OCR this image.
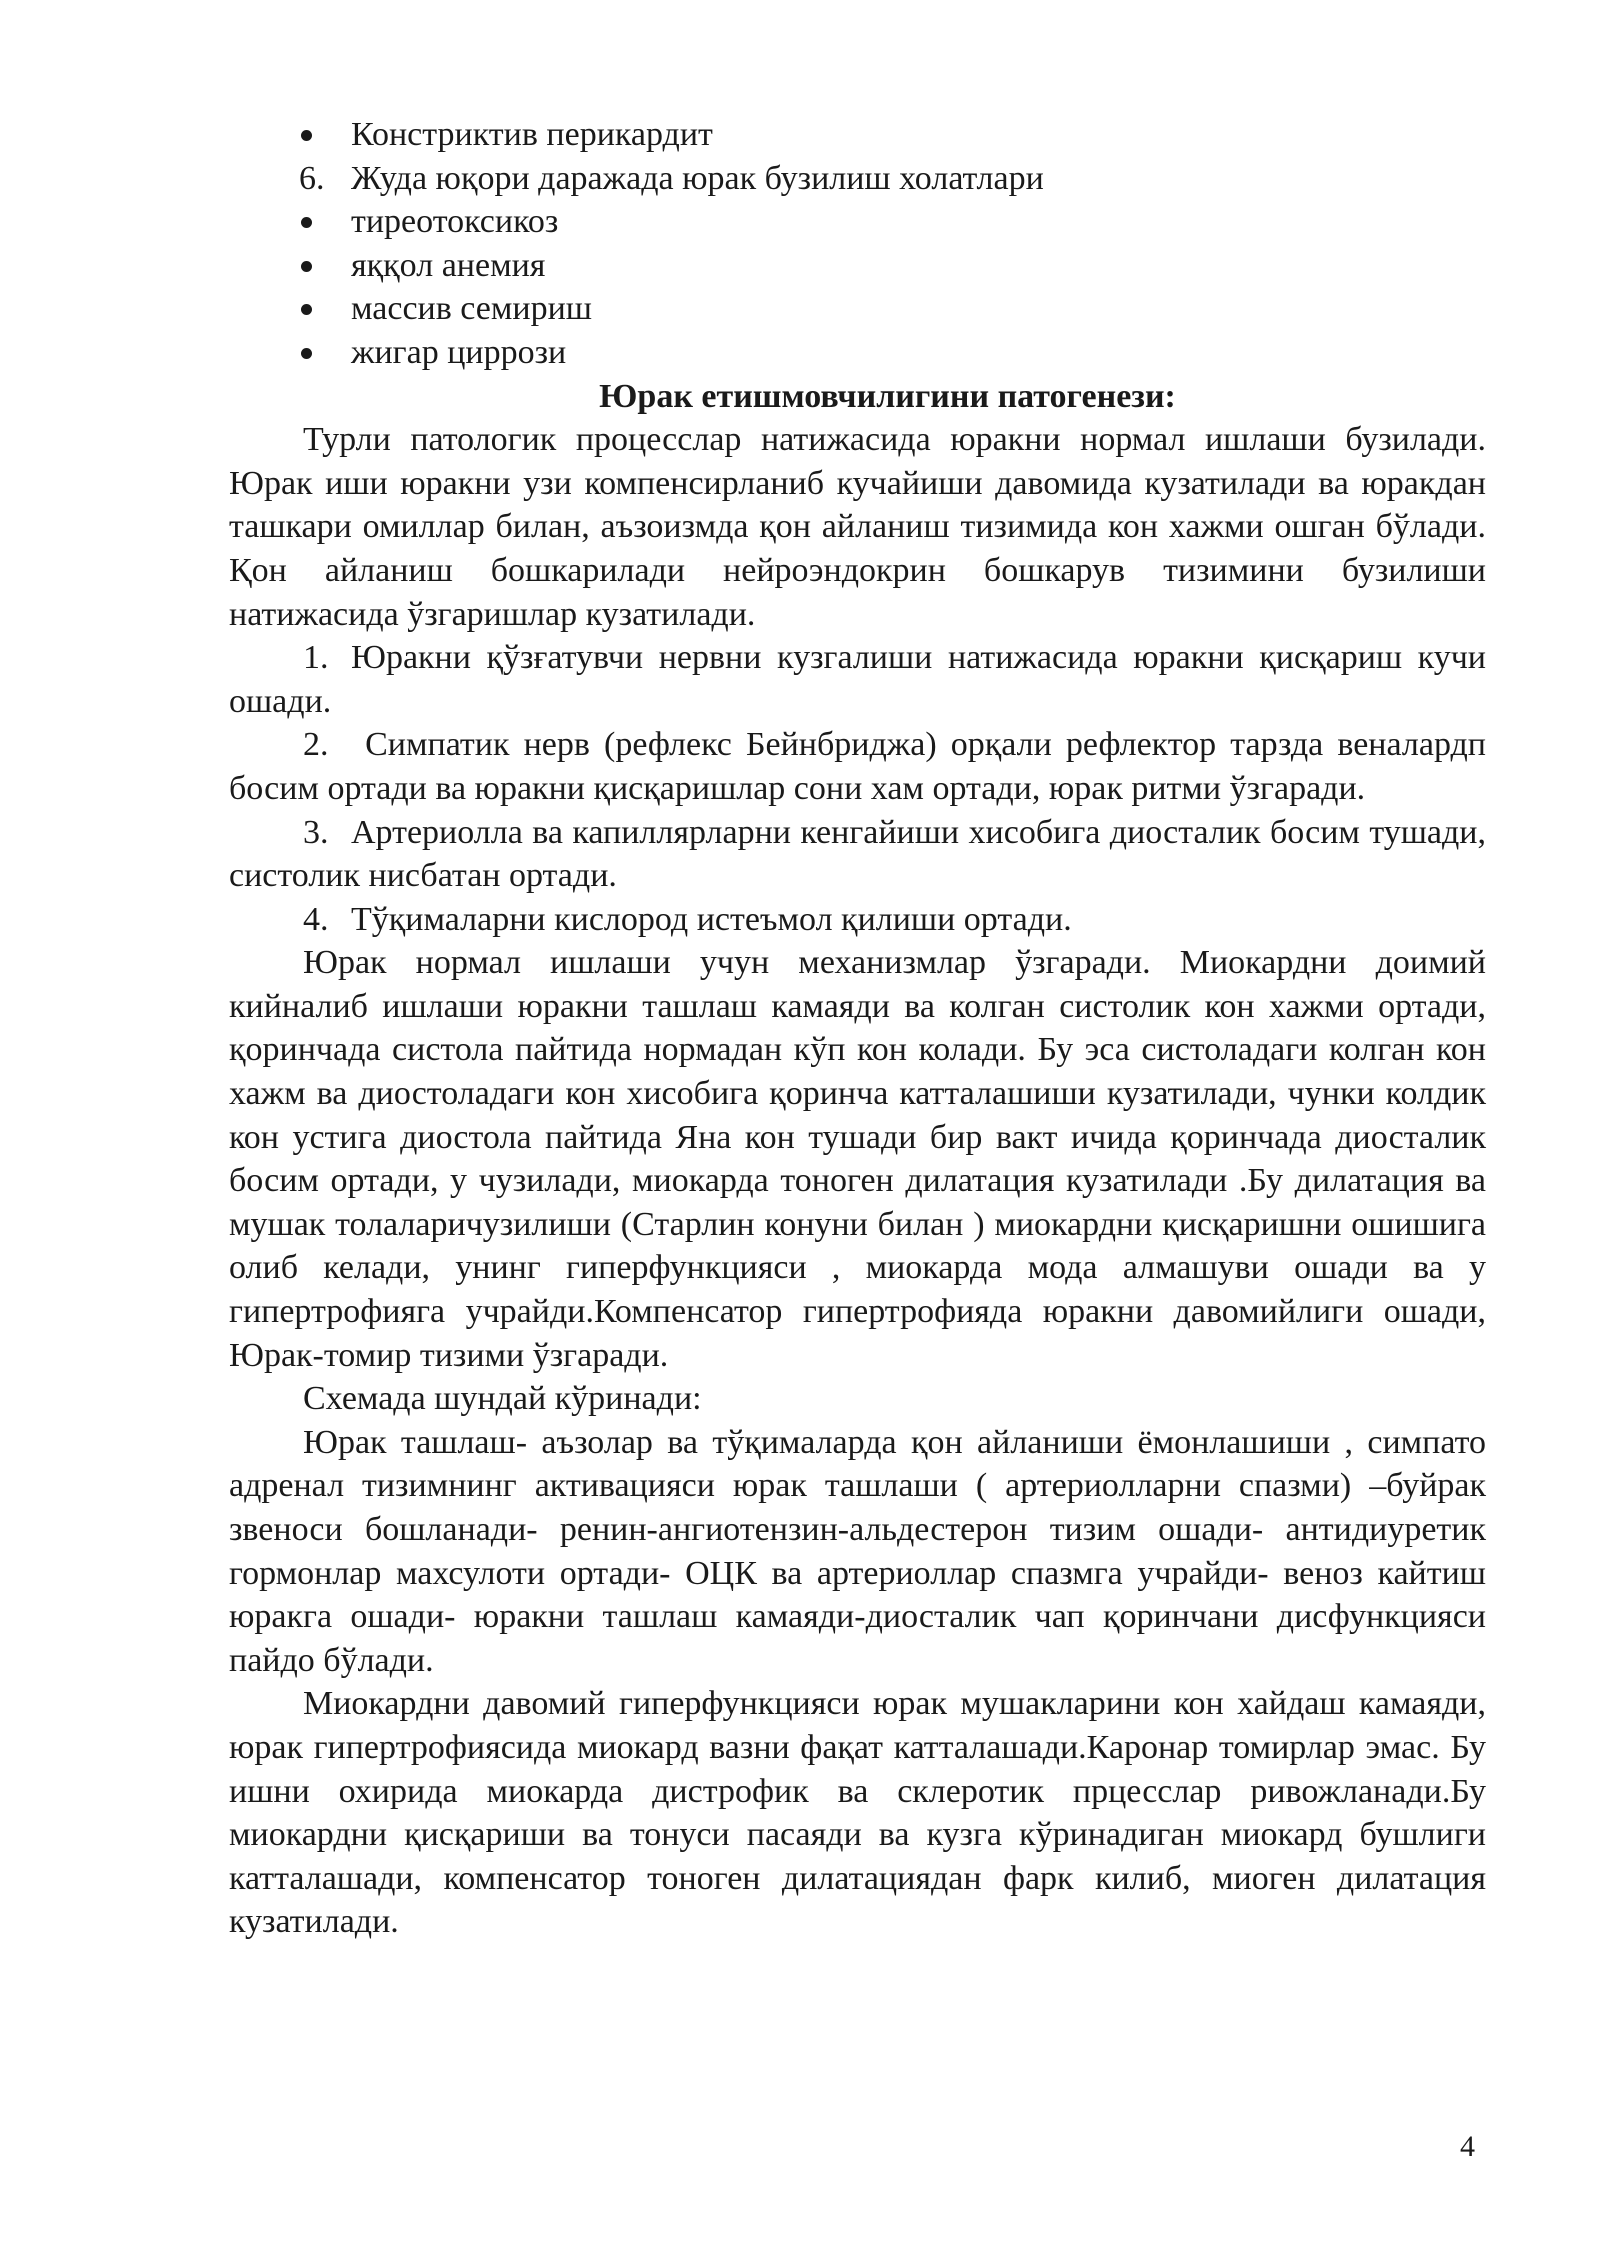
Констриктив перикардит
6. Жуда юқори даражада юрак бузилиш холатлари
тиреотоксикоз
яққол анемия
массив семириш
жигар циррози

Юрак етишмовчилигини патогенези:

Турли патологик процесслар натижасида юракни нормал ишлаши бузилади. Юрак иши юракни узи компенсирланиб кучайиши давомида кузатилади ва юракдан ташкари омиллар билан, аъзоизмда қон айланиш тизимида кон хажми ошган бўлади. Қон айланиш бошкарилади нейроэндокрин бошкарув тизимини бузилиши натижасида ўзгаришлар кузатилади.

1. Юракни қўзғатувчи нервни кузгалиши натижасида юракни қисқариш кучи ошади.

2. Симпатик нерв (рефлекс Бейнбриджа) орқали рефлектор тарзда веналардп босим ортади ва юракни қисқаришлар сони хам ортади, юрак ритми ўзгаради.

3. Артериолла ва капиллярларни кенгайиши хисобига диосталик босим тушади, систолик нисбатан ортади.

4. Тўқималарни кислород истеъмол қилиши ортади.

Юрак нормал ишлаши учун механизмлар ўзгаради. Миокардни доимий кийналиб ишлаши юракни ташлаш камаяди ва колган систолик кон хажми ортади, қоринчада систола пайтида нормадан кўп кон колади. Бу эса систоладаги колган кон хажм ва диостоладаги кон хисобига қоринча катталашиши кузатилади, чунки колдик кон устига диостола пайтида Яна кон тушади бир вакт ичида қоринчада диосталик босим ортади, у чузилади, миокарда тоноген дилатация кузатилади .Бу дилатация ва мушак толаларичузилиши (Старлин конуни билан ) миокардни қисқаришни ошишига олиб келади, унинг гиперфункцияси , миокарда мода алмашуви ошади ва у гипертрофияга учрайди.Компенсатор гипертрофияда юракни давомийлиги ошади, Юрак-томир тизими ўзгаради.

Схемада шундай кўринади:

Юрак ташлаш- аъзолар ва тўқималарда қон айланиши ёмонлашиши , симпато адренал тизимнинг активацияси юрак ташлаши ( артериолларни спазми) –буйрак звеноси бошланади- ренин-ангиотензин-альдестерон тизим ошади- антидиуретик гормонлар махсулоти ортади- ОЦК ва артериоллар спазмга учрайди- веноз кайтиш юракга ошади- юракни ташлаш камаяди-диосталик чап қоринчани дисфункцияси пайдо бўлади.

Миокардни давомий гиперфункцияси юрак мушакларини кон хайдаш камаяди, юрак гипертрофиясида миокард вазни фақат катталашади.Каронар томирлар эмас. Бу ишни охирида миокарда дистрофик ва склеротик прцесслар ривожланади.Бу миокардни қисқариши ва тонуси пасаяди ва кузга кўринадиган миокард бушлиги катталашади, компенсатор тоноген дилатациядан фарк килиб, миоген дилатация кузатилади.

4
